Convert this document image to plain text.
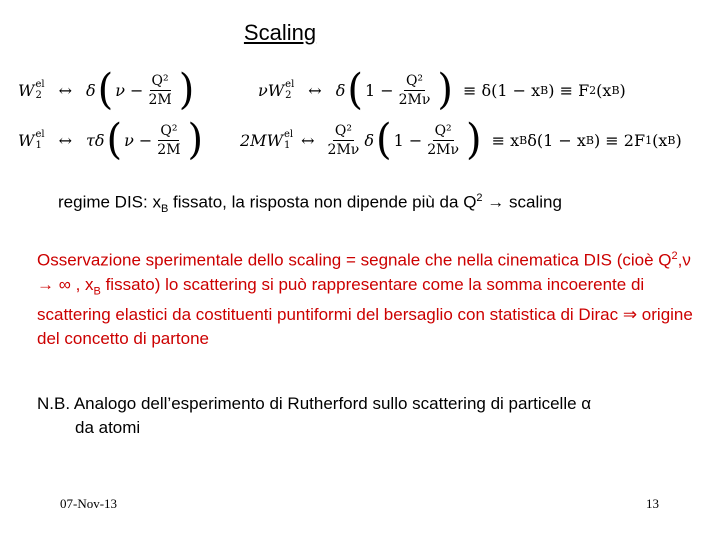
Scaling
W el
2 ↔ δ ( $\nu - \frac{\text{Q²}}{2M}$ )	νW el
2 ↔ δ ( $1 - \frac{\text{Q²}}{2M\nu}$ ) ≡ δ(1 − x B ) ≡ F 2 (x B )
W el
1 ↔ τδ ( $\nu - \frac{\text{Q²}}{2M}$ ) 2MW el
1 ↔ $\frac{\text{Q²}}{2M\nu}$ δ ( $1 - \frac{\text{Q²}}{2M\nu}$ ) ≡ x B δ(1 − x B ) ≡ 2F 1 (x B )
regime DIS: $x_B$ fissato, la risposta non dipende più da $Q^2$ → scaling
Osservazione sperimentale dello scaling = segnale che nella cinematica DIS (cioè $Q^2,\nu$ → ∞ , $x_B$ fissato) lo scattering si può rappresentare come la somma incoerente di scattering elastici da costituenti puntiformi del bersaglio con statistica di Dirac ⇒ origine del concetto di partone
N.B. Analogo dell’esperimento di Rutherford sullo scattering di particelle α
da atomi
07-Nov-13	13
